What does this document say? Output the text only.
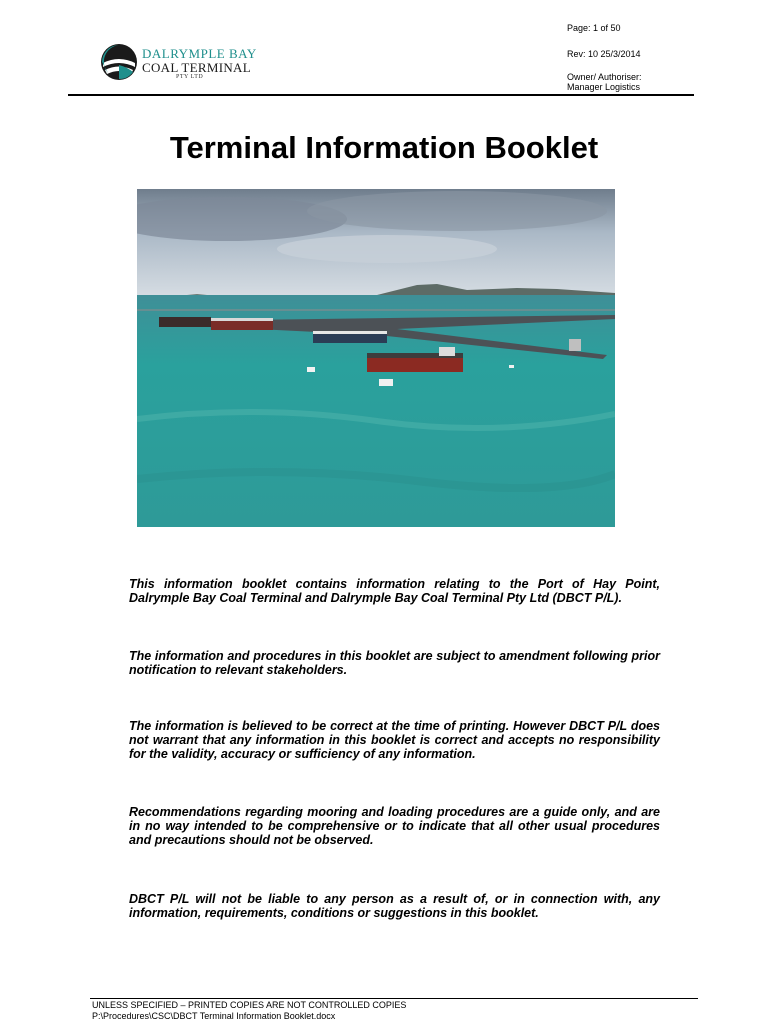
DALRYMPLE BAY
COAL TERMINAL
PTY LTD
Page: 1 of 50
Rev: 10 25/3/2014
Owner/ Authoriser:
Manager Logistics
Terminal Information Booklet

This information booklet contains information relating to the Port of Hay Point, Dalrymple Bay Coal Terminal and Dalrymple Bay Coal Terminal Pty Ltd (DBCT P/L).

The information and procedures in this booklet are subject to amendment following prior notification to relevant stakeholders.

The information is believed to be correct at the time of printing. However DBCT P/L does not warrant that any information in this booklet is correct and accepts no responsibility for the validity, accuracy or sufficiency of any information.

Recommendations regarding mooring and loading procedures are a guide only, and are in no way intended to be comprehensive or to indicate that all other usual procedures and precautions should not be observed.

DBCT P/L will not be liable to any person as a result of, or in connection with, any information, requirements, conditions or suggestions in this booklet.

UNLESS SPECIFIED – PRINTED COPIES ARE NOT CONTROLLED COPIES
P:\Procedures\CSC\DBCT Terminal Information Booklet.docx
